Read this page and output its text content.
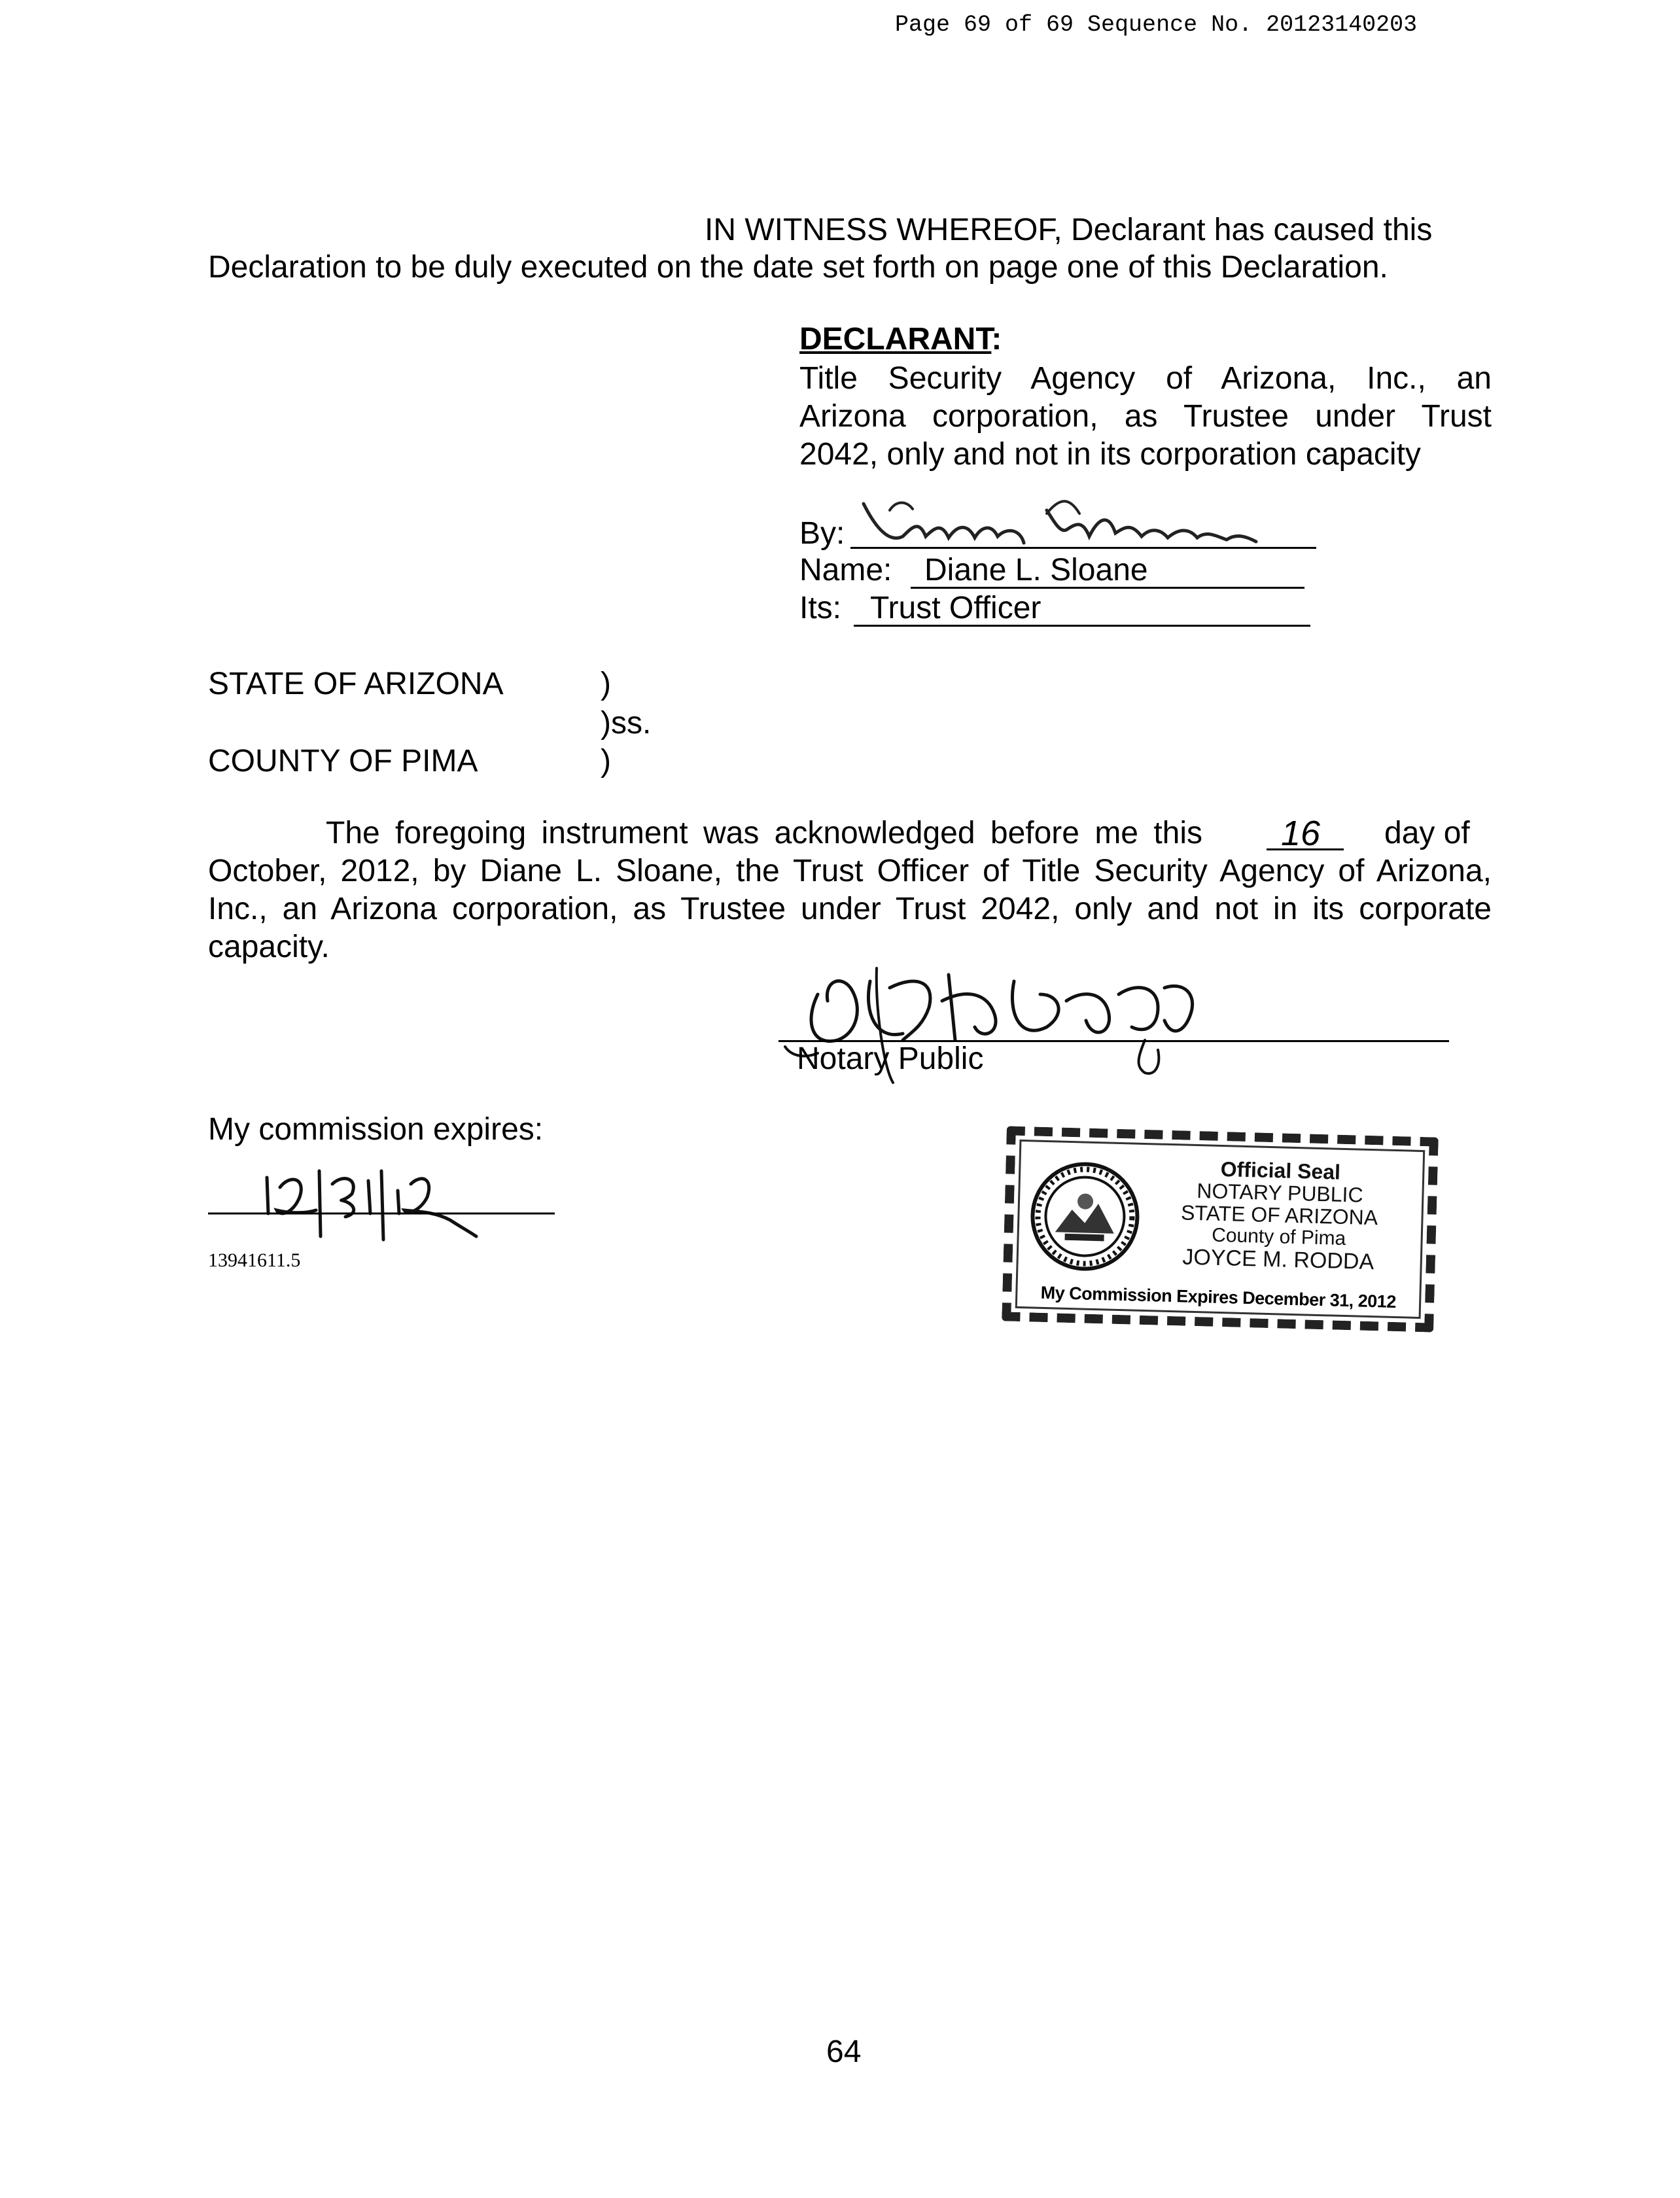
Page 69 of 69 Sequence No. 20123140203
IN WITNESS WHEREOF, Declarant has caused this
Declaration to be duly executed on the date set forth on page one of this Declaration.
DECLARANT:
Title Security Agency of Arizona, Inc., an
Arizona corporation, as Trustee under Trust
2042, only and not in its corporation capacity
By:
Name: Diane L. Sloane
Its: Trust Officer
STATE OF ARIZONA	)
)ss.
COUNTY OF PIMA	)
The foregoing instrument was acknowledged before me this 16 day of
October, 2012, by Diane L. Sloane, the Trust Officer of Title Security Agency of Arizona,
Inc., an Arizona corporation, as Trustee under Trust 2042, only and not in its corporate
capacity.
Notary Public
My commission expires:
13941611.5
Official Seal
NOTARY PUBLIC
STATE OF ARIZONA
County of Pima
JOYCE M. RODDA
My Commission Expires December 31, 2012
64
